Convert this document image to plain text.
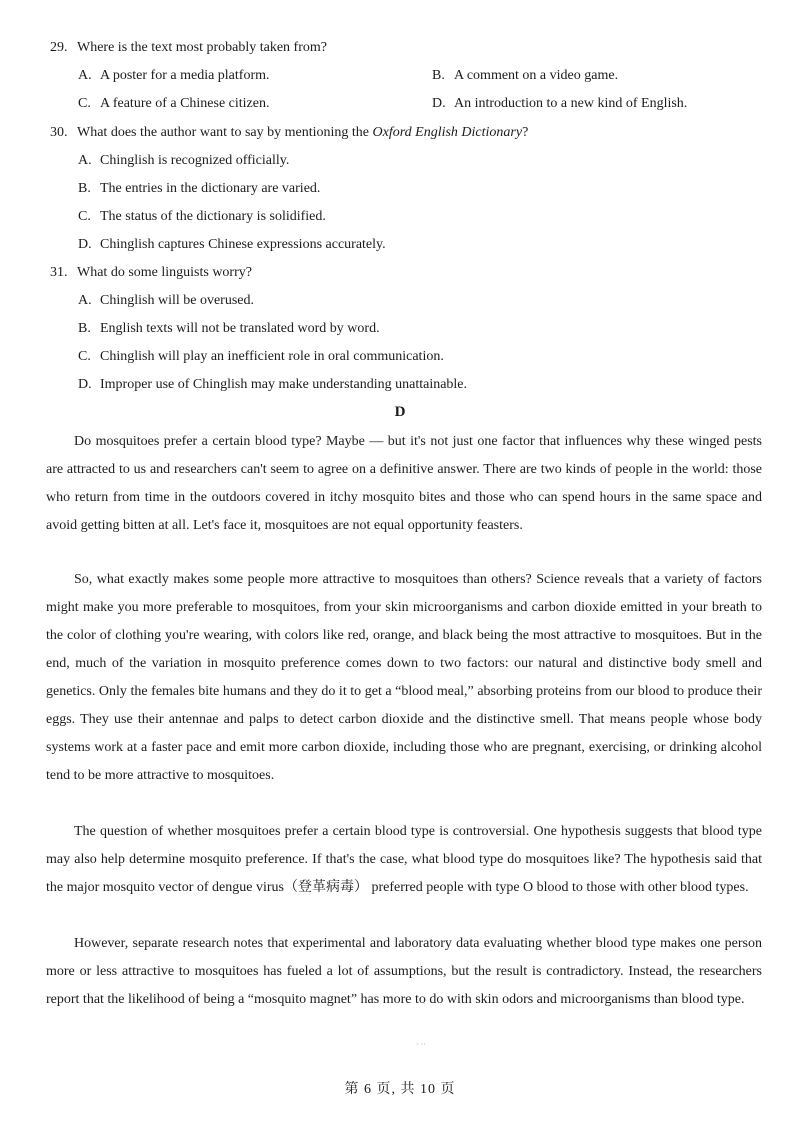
29. Where is the text most probably taken from?
A. A poster for a media platform.	B. A comment on a video game.
C. A feature of a Chinese citizen.	D. An introduction to a new kind of English.
30. What does the author want to say by mentioning the Oxford English Dictionary?
A. Chinglish is recognized officially.
B. The entries in the dictionary are varied.
C. The status of the dictionary is solidified.
D. Chinglish captures Chinese expressions accurately.
31. What do some linguists worry?
A. Chinglish will be overused.
B. English texts will not be translated word by word.
C. Chinglish will play an inefficient role in oral communication.
D. Improper use of Chinglish may make understanding unattainable.
D

Do mosquitoes prefer a certain blood type? Maybe — but it's not just one factor that influences why these winged pests are attracted to us and researchers can't seem to agree on a definitive answer. There are two kinds of people in the world: those who return from time in the outdoors covered in itchy mosquito bites and those who can spend hours in the same space and avoid getting bitten at all. Let's face it, mosquitoes are not equal opportunity feasters.

So, what exactly makes some people more attractive to mosquitoes than others? Science reveals that a variety of factors might make you more preferable to mosquitoes, from your skin microorganisms and carbon dioxide emitted in your breath to the color of clothing you're wearing, with colors like red, orange, and black being the most attractive to mosquitoes. But in the end, much of the variation in mosquito preference comes down to two factors: our natural and distinctive body smell and genetics. Only the females bite humans and they do it to get a “blood meal,” absorbing proteins from our blood to produce their eggs. They use their antennae and palps to detect carbon dioxide and the distinctive smell. That means people whose body systems work at a faster pace and emit more carbon dioxide, including those who are pregnant, exercising, or drinking alcohol tend to be more attractive to mosquitoes.

The question of whether mosquitoes prefer a certain blood type is controversial. One hypothesis suggests that blood type may also help determine mosquito preference. If that's the case, what blood type do mosquitoes like? The hypothesis said that the major mosquito vector of dengue virus（登革病毒） preferred people with type O blood to those with other blood types.

However, separate research notes that experimental and laboratory data evaluating whether blood type makes one person more or less attractive to mosquitoes has fueled a lot of assumptions, but the result is contradictory. Instead, the researchers report that the likelihood of being a “mosquito magnet” has more to do with skin odors and microorganisms than blood type.

· ··
第 6 页, 共 10 页
